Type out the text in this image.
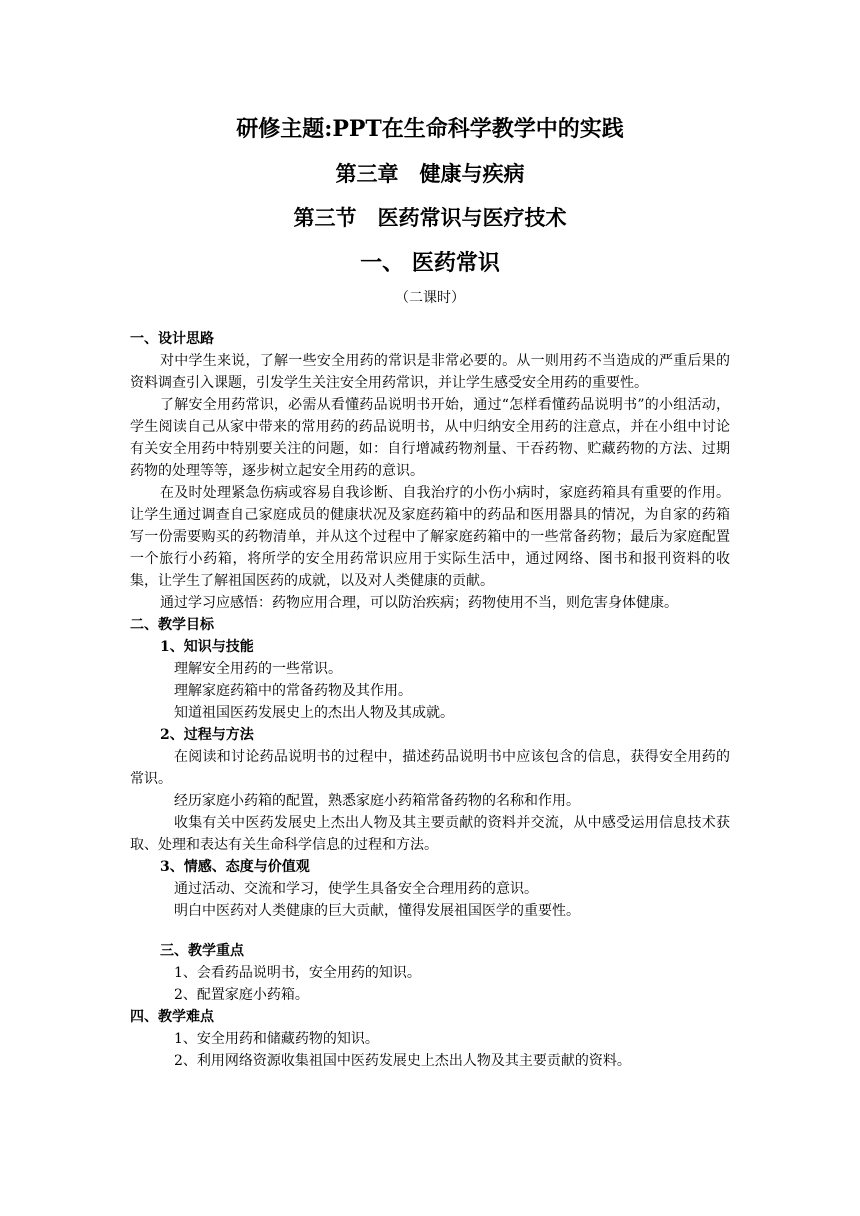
研修主题:PPT在生命科学教学中的实践
第三章　健康与疾病
第三节　医药常识与医疗技术
一、 医药常识
（二课时）

一、设计思路

对中学生来说，了解一些安全用药的常识是非常必要的。从一则用药不当造成的严重后果的资料调查引入课题，引发学生关注安全用药常识，并让学生感受安全用药的重要性。

了解安全用药常识，必需从看懂药品说明书开始，通过“怎样看懂药品说明书”的小组活动，学生阅读自己从家中带来的常用药的药品说明书，从中归纳安全用药的注意点，并在小组中讨论有关安全用药中特别要关注的问题，如：自行增减药物剂量、干吞药物、贮藏药物的方法、过期药物的处理等等，逐步树立起安全用药的意识。

在及时处理紧急伤病或容易自我诊断、自我治疗的小伤小病时，家庭药箱具有重要的作用。让学生通过调查自己家庭成员的健康状况及家庭药箱中的药品和医用器具的情况，为自家的药箱写一份需要购买的药物清单，并从这个过程中了解家庭药箱中的一些常备药物；最后为家庭配置一个旅行小药箱，将所学的安全用药常识应用于实际生活中，通过网络、图书和报刊资料的收集，让学生了解祖国医药的成就，以及对人类健康的贡献。

通过学习应感悟：药物应用合理，可以防治疾病；药物使用不当，则危害身体健康。

二、教学目标

1、知识与技能

理解安全用药的一些常识。

理解家庭药箱中的常备药物及其作用。

知道祖国医药发展史上的杰出人物及其成就。

2、过程与方法

在阅读和讨论药品说明书的过程中，描述药品说明书中应该包含的信息，获得安全用药的常识。

经历家庭小药箱的配置，熟悉家庭小药箱常备药物的名称和作用。

收集有关中医药发展史上杰出人物及其主要贡献的资料并交流，从中感受运用信息技术获取、处理和表达有关生命科学信息的过程和方法。

3、情感、态度与价值观

通过活动、交流和学习，使学生具备安全合理用药的意识。

明白中医药对人类健康的巨大贡献，懂得发展祖国医学的重要性。

三、教学重点

1、会看药品说明书，安全用药的知识。

2、配置家庭小药箱。

四、教学难点

1、安全用药和储藏药物的知识。

2、利用网络资源收集祖国中医药发展史上杰出人物及其主要贡献的资料。
